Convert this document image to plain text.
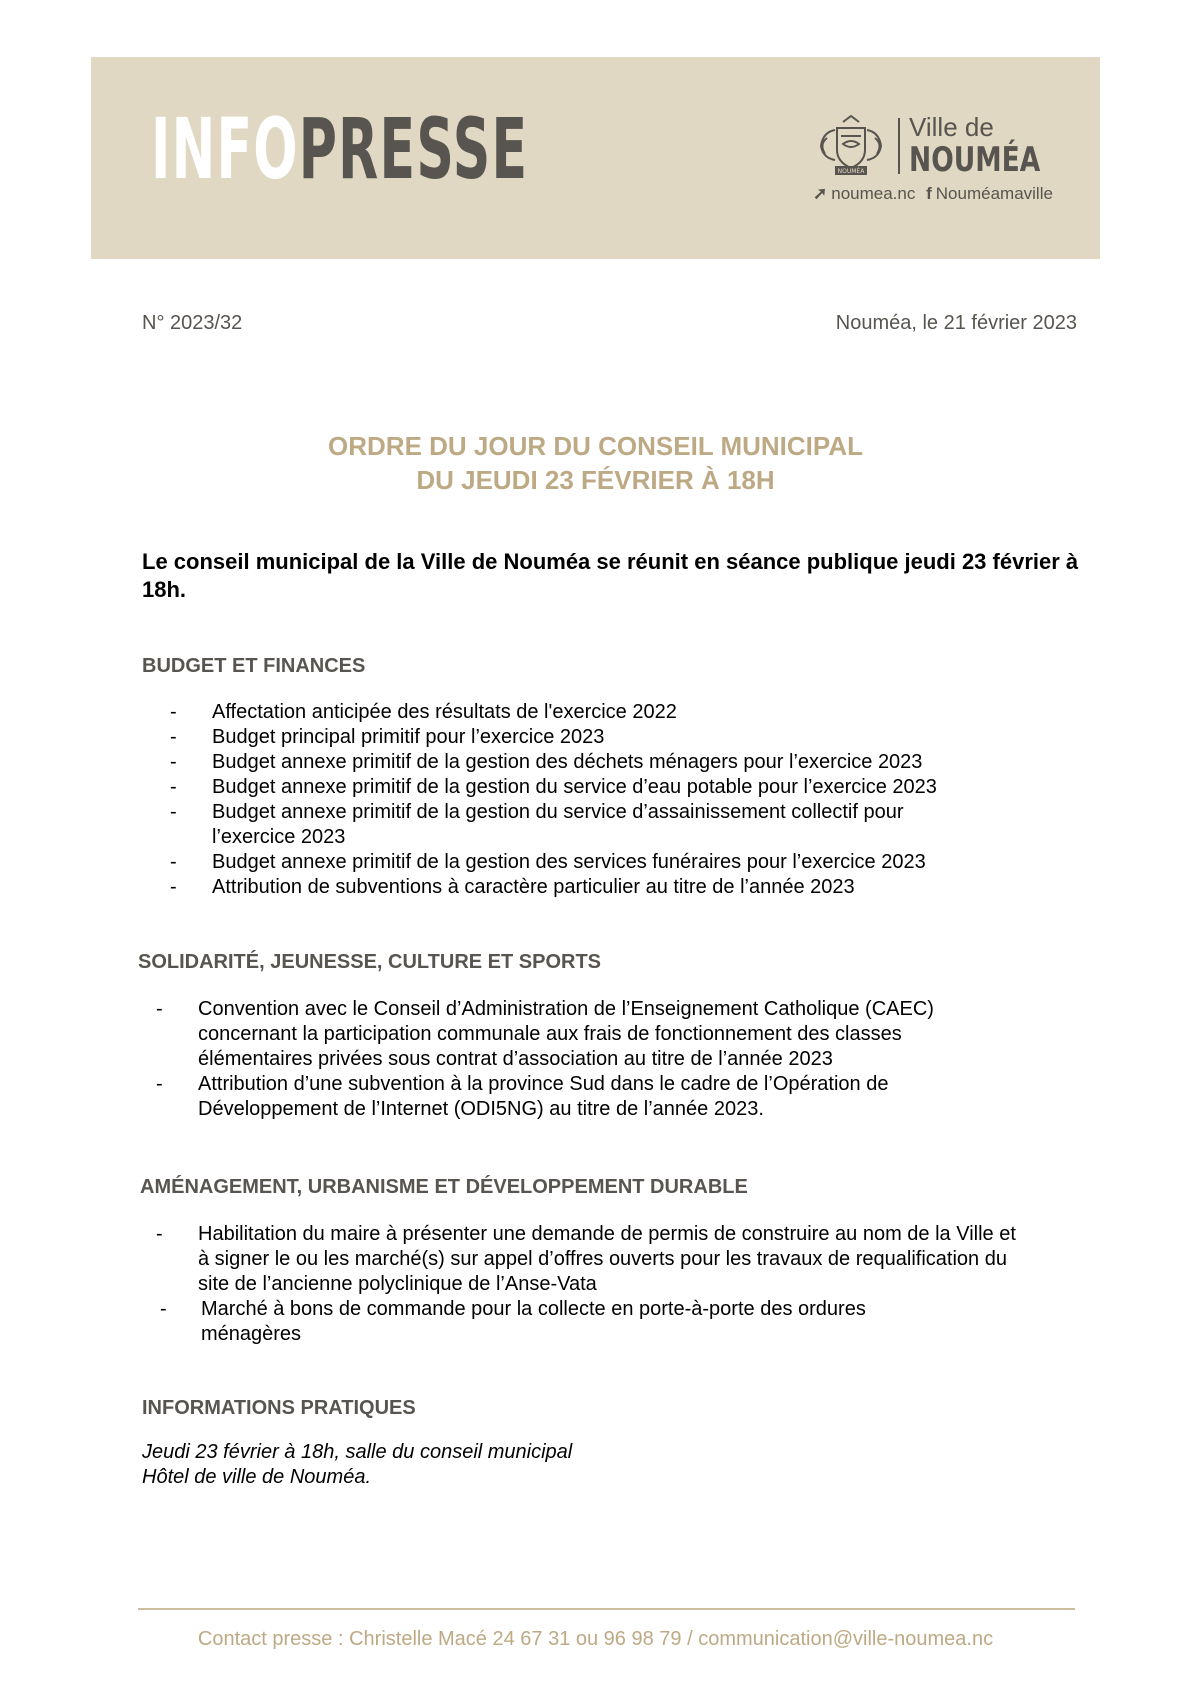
INFOPRESSE	NOUMÉA
Ville de
NOUMÉA
➚ noumea.nc f Nouméamaville
N° 2023/32	Nouméa, le 21 février 2023
ORDRE DU JOUR DU CONSEIL MUNICIPAL
DU JEUDI 23 FÉVRIER À 18H

Le conseil municipal de la Ville de Nouméa se réunit en séance publique jeudi 23 février à 18h.

BUDGET ET FINANCES
- Affectation anticipée des résultats de l'exercice 2022
- Budget principal primitif pour l’exercice 2023
- Budget annexe primitif de la gestion des déchets ménagers pour l’exercice 2023
- Budget annexe primitif de la gestion du service d’eau potable pour l’exercice 2023
- Budget annexe primitif de la gestion du service d’assainissement collectif pour l’exercice 2023
- Budget annexe primitif de la gestion des services funéraires pour l’exercice 2023
- Attribution de subventions à caractère particulier au titre de l’année 2023
SOLIDARITÉ, JEUNESSE, CULTURE ET SPORTS
- Convention avec le Conseil d’Administration de l’Enseignement Catholique (CAEC) concernant la participation communale aux frais de fonctionnement des classes élémentaires privées sous contrat d’association au titre de l’année 2023
- Attribution d’une subvention à la province Sud dans le cadre de l’Opération de Développement de l’Internet (ODI5NG) au titre de l’année 2023.
AMÉNAGEMENT, URBANISME ET DÉVELOPPEMENT DURABLE
- Habilitation du maire à présenter une demande de permis de construire au nom de la Ville et à signer le ou les marché(s) sur appel d’offres ouverts pour les travaux de requalification du site de l’ancienne polyclinique de l’Anse-Vata
- Marché à bons de commande pour la collecte en porte-à-porte des ordures ménagères
INFORMATIONS PRATIQUES

Jeudi 23 février à 18h, salle du conseil municipal
Hôtel de ville de Nouméa.

Contact presse : Christelle Macé 24 67 31 ou 96 98 79 / communication@ville-noumea.nc
